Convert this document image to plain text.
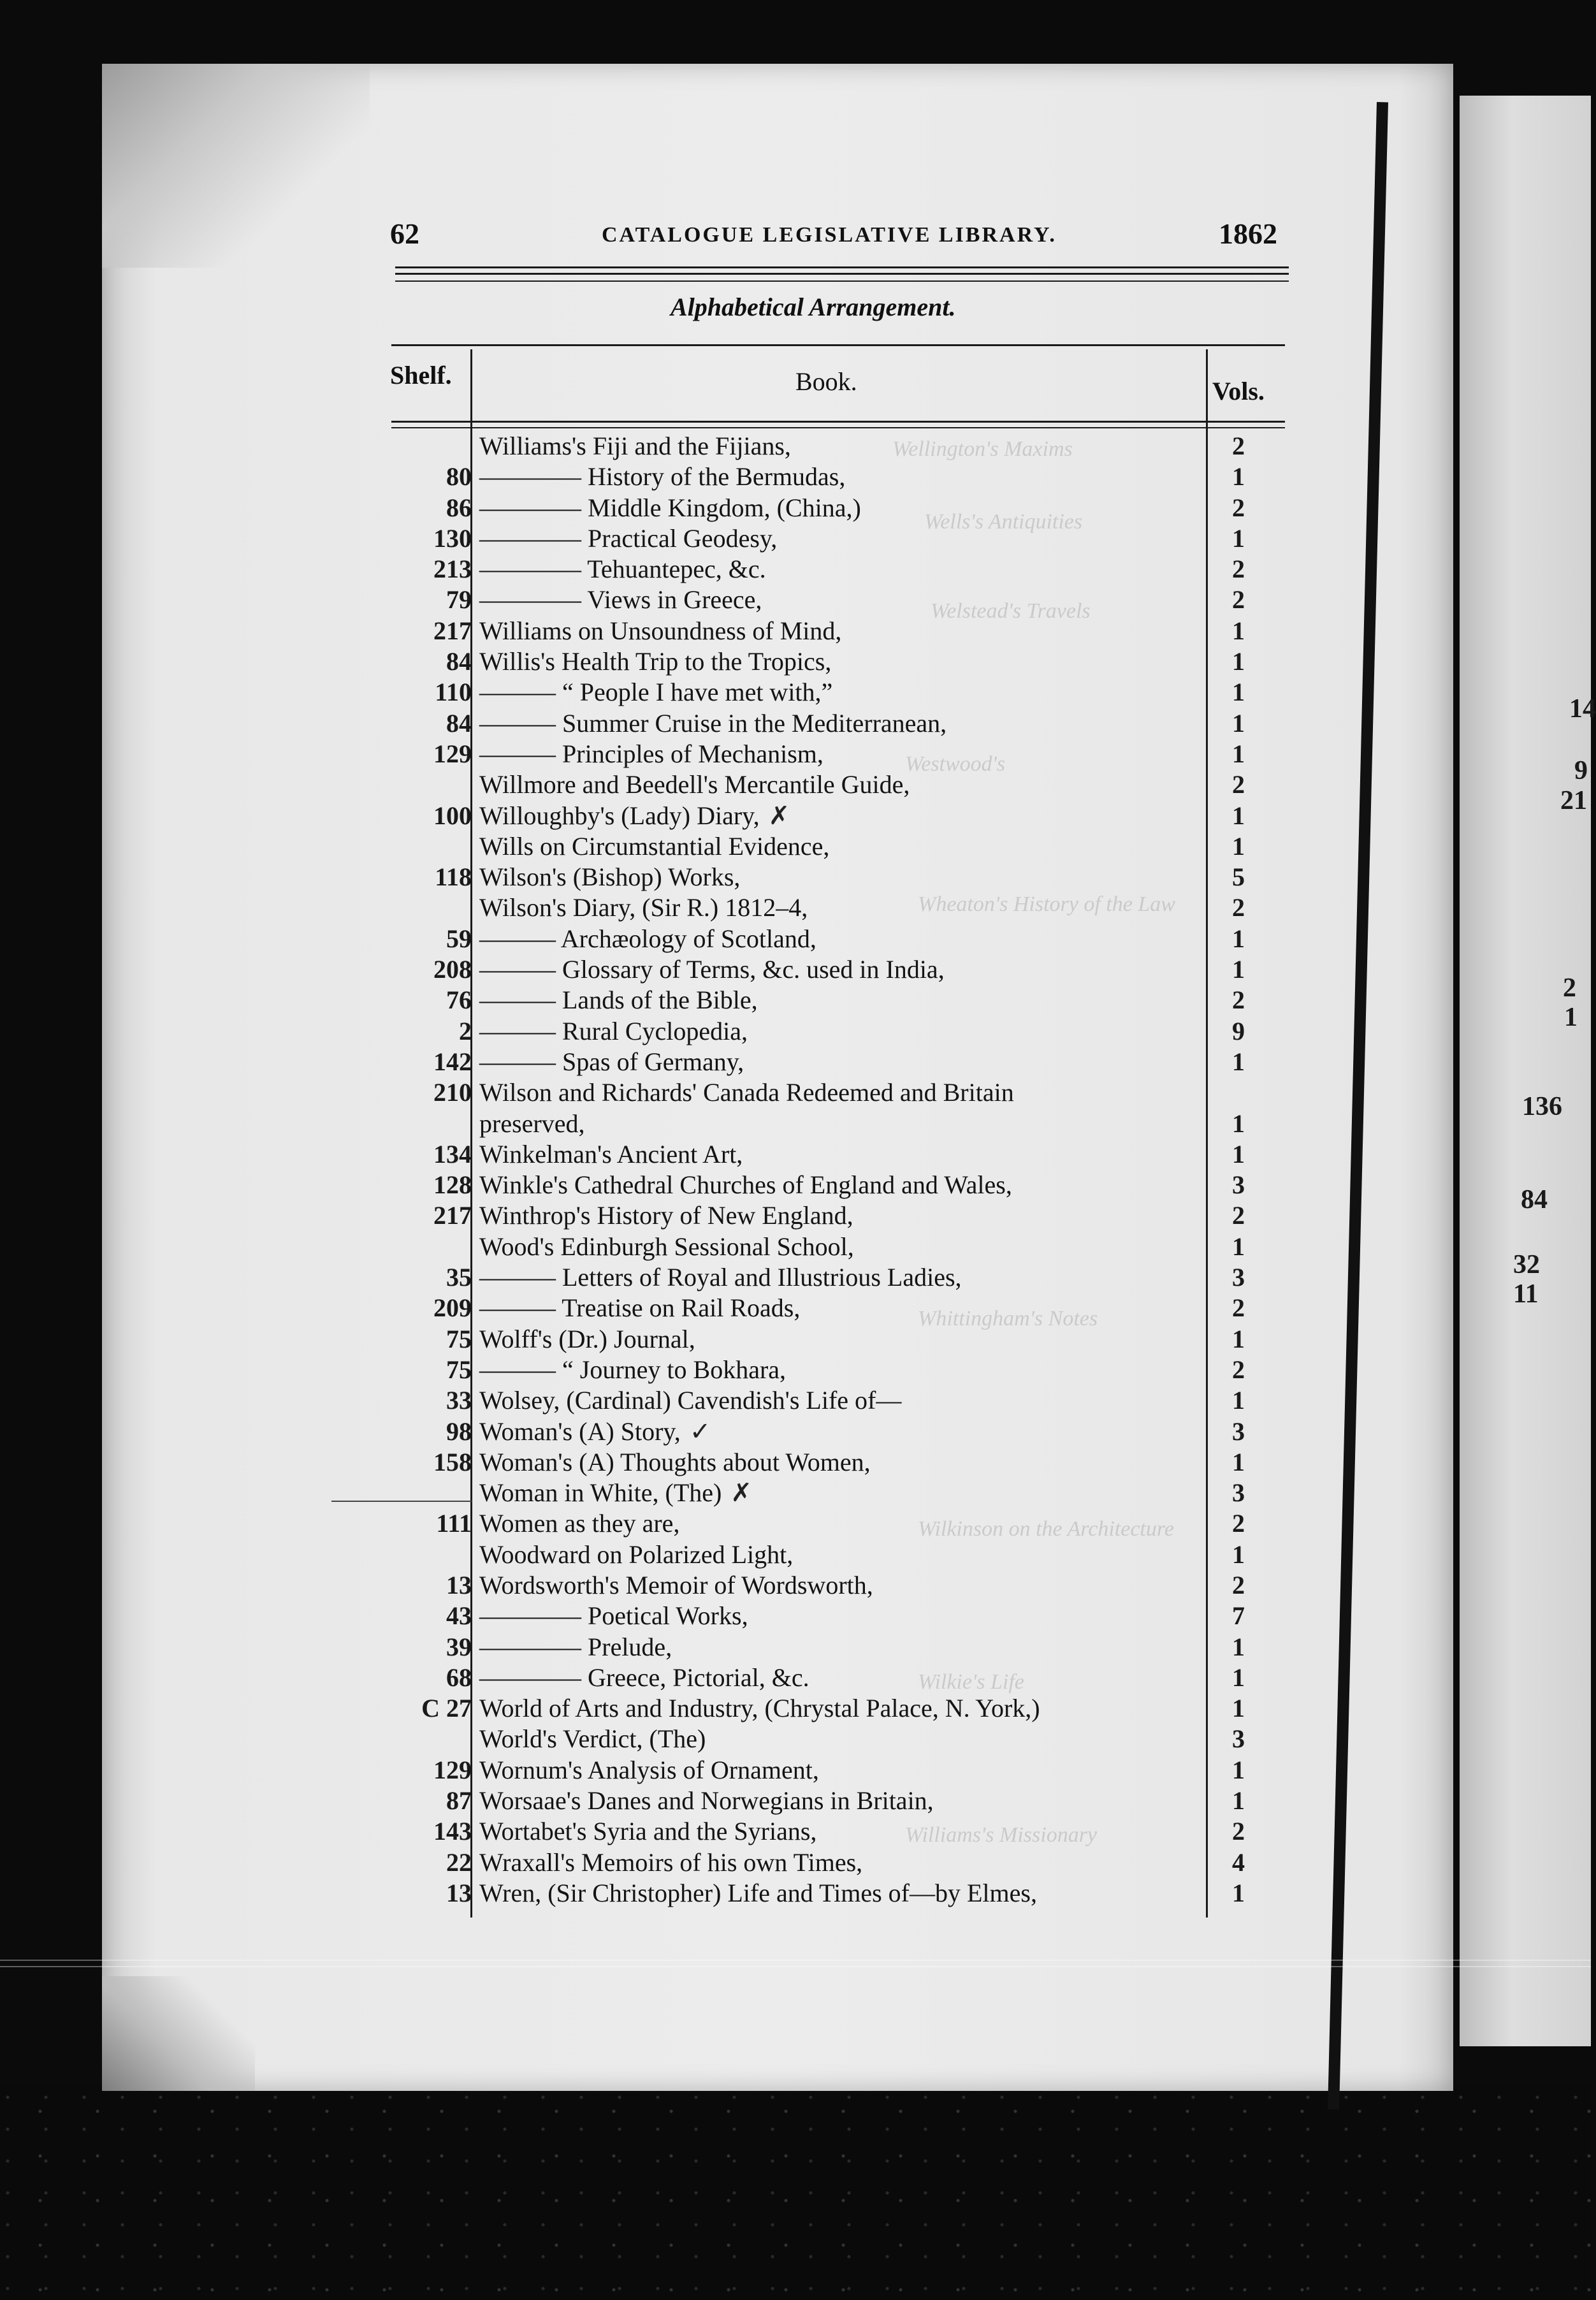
14
9
21
2
1
136
84
32
11
Wellington's Maxims
Wells's Antiquities
Welstead's Travels
Westwood's
Wheaton's History of the Law
Whittingham's Notes
Wilkinson on the Architecture
Wilkie's Life
Williams's Missionary
62	CATALOGUE LEGISLATIVE LIBRARY.	1862
Alphabetical Arrangement.
Shelf.	Book.	Vols.
Williams's Fiji and the Fijians,	2
80 ———— History of the Bermudas,	1
86 ———— Middle Kingdom, (China,)	2
130 ———— Practical Geodesy,	1
213 ———— Tehuantepec, &c.	2
79 ———— Views in Greece,	2
217 Williams on Unsoundness of Mind,	1
84 Willis's Health Trip to the Tropics,	1
110 ——— “ People I have met with,”	1
84 ——— Summer Cruise in the Mediterranean,	1
129 ——— Principles of Mechanism,	1
Willmore and Beedell's Mercantile Guide,	2
100 Willoughby's (Lady) Diary, ✗	1
Wills on Circumstantial Evidence,	1
118 Wilson's (Bishop) Works,	5
Wilson's Diary, (Sir R.) 1812–4,	2
59 ——— Archæology of Scotland,	1
208 ——— Glossary of Terms, &c. used in India,	1
76 ——— Lands of the Bible,	2
2 ——— Rural Cyclopedia,	9
142 ——— Spas of Germany,	1
210 Wilson and Richards' Canada Redeemed and Britain
preserved,	1
134 Winkelman's Ancient Art,	1
128 Winkle's Cathedral Churches of England and Wales,	3
217 Winthrop's History of New England,	2
Wood's Edinburgh Sessional School,	1
35 ——— Letters of Royal and Illustrious Ladies,	3
209 ——— Treatise on Rail Roads,	2
75 Wolff's (Dr.) Journal,	1
75 ——— “ Journey to Bokhara,	2
33 Wolsey, (Cardinal) Cavendish's Life of—	1
98 Woman's (A) Story, ✓	3
158 Woman's (A) Thoughts about Women,	1
Woman in White, (The) ✗	3
111 Women as they are,	2
Woodward on Polarized Light,	1
13 Wordsworth's Memoir of Wordsworth,	2
43 ———— Poetical Works,	7
39 ———— Prelude,	1
68 ———— Greece, Pictorial, &c.	1
C 27 World of Arts and Industry, (Chrystal Palace, N. York,)	1
World's Verdict, (The)	3
129 Wornum's Analysis of Ornament,	1
87 Worsaae's Danes and Norwegians in Britain,	1
143 Wortabet's Syria and the Syrians,	2
22 Wraxall's Memoirs of his own Times,	4
13 Wren, (Sir Christopher) Life and Times of—by Elmes,	1
